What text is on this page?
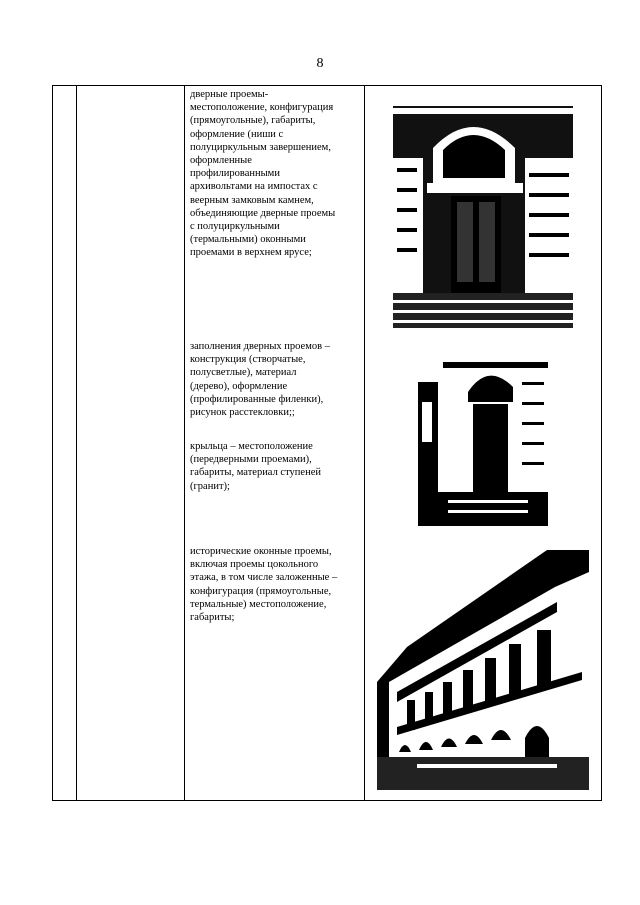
8

дверные проемы-

местоположение, конфигурация

(прямоугольные), габариты,

оформление (ниши с

полуциркульным завершением,

оформленные

профилированными

архивольтами на импостах с

веерным замковым камнем,

объединяющие дверные проемы

с полуциркульными

(термальными) оконными

проемами в верхнем ярусе;

заполнения дверных проемов –

конструкция (створчатые,

полусветлые), материал

(дерево), оформление

(профилированные филенки),

рисунок расстекловки;;

крыльца – местоположение

(передверными проемами),

габариты, материал ступеней

(гранит);

исторические оконные проемы,

включая проемы цокольного

этажа, в том числе заложенные –

конфигурация (прямоугольные,

термальные) местоположение,

габариты;
